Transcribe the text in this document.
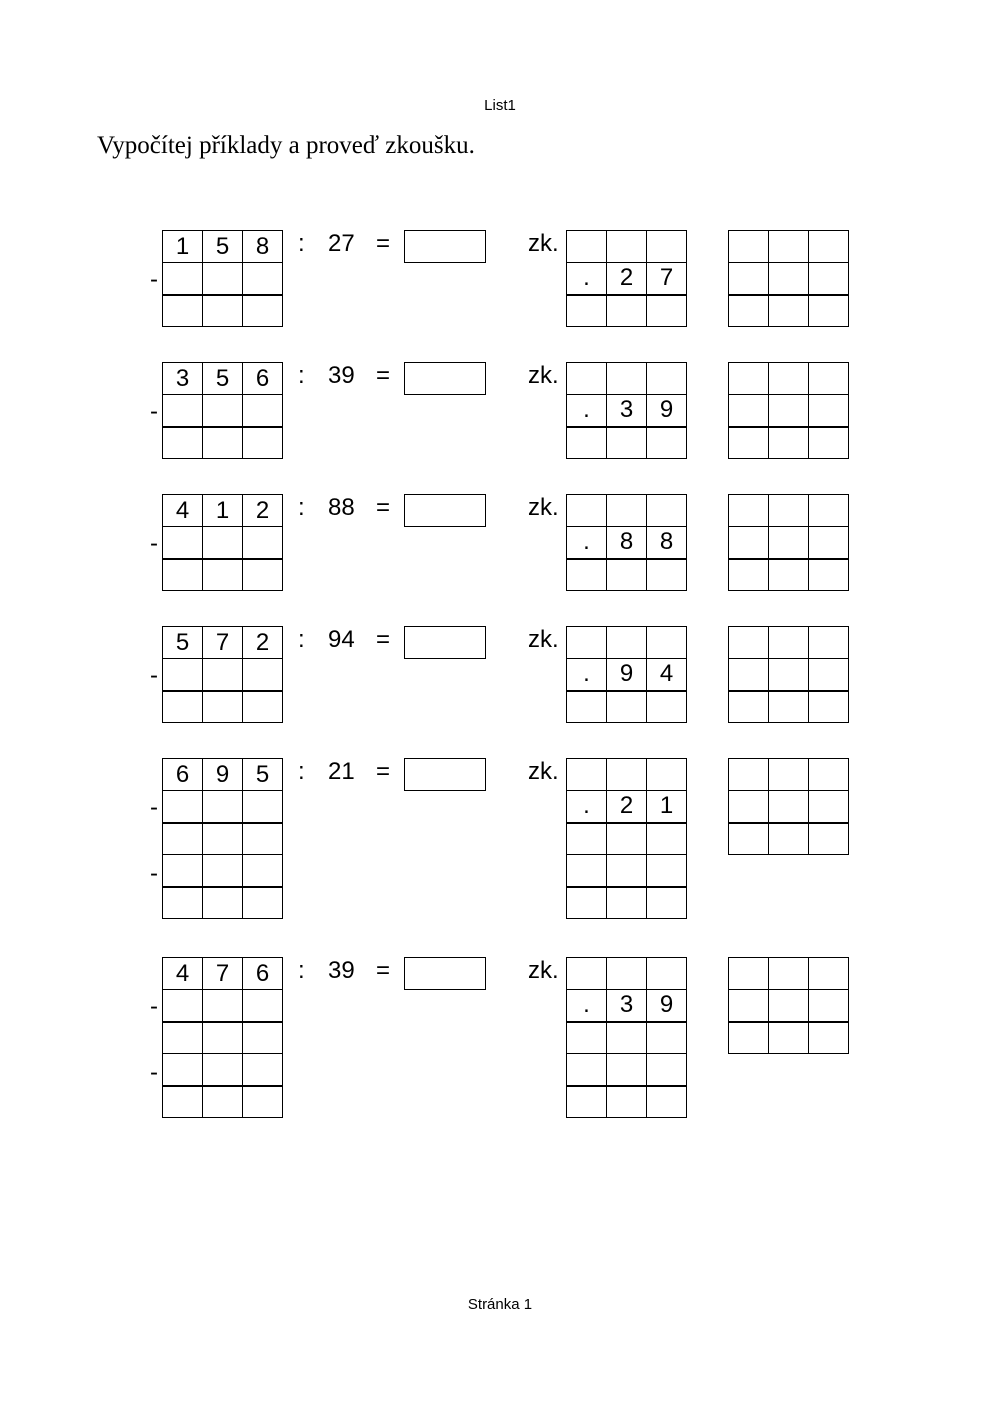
List1
Vypočítej příklady a proveď zkoušku.
1	5	8

-
: 27 =	zk.

.	2	7

3	5	6

-
: 39 =	zk.

.	3	9

4	1	2

-
: 88 =	zk.

.	8	8

5	7	2

-
: 94 =	zk.

.	9	4

6	9	5

-
-
: 21 =	zk.

.	2	1

4	7	6

-
-
: 39 =	zk.

.	3	9

Stránka 1
